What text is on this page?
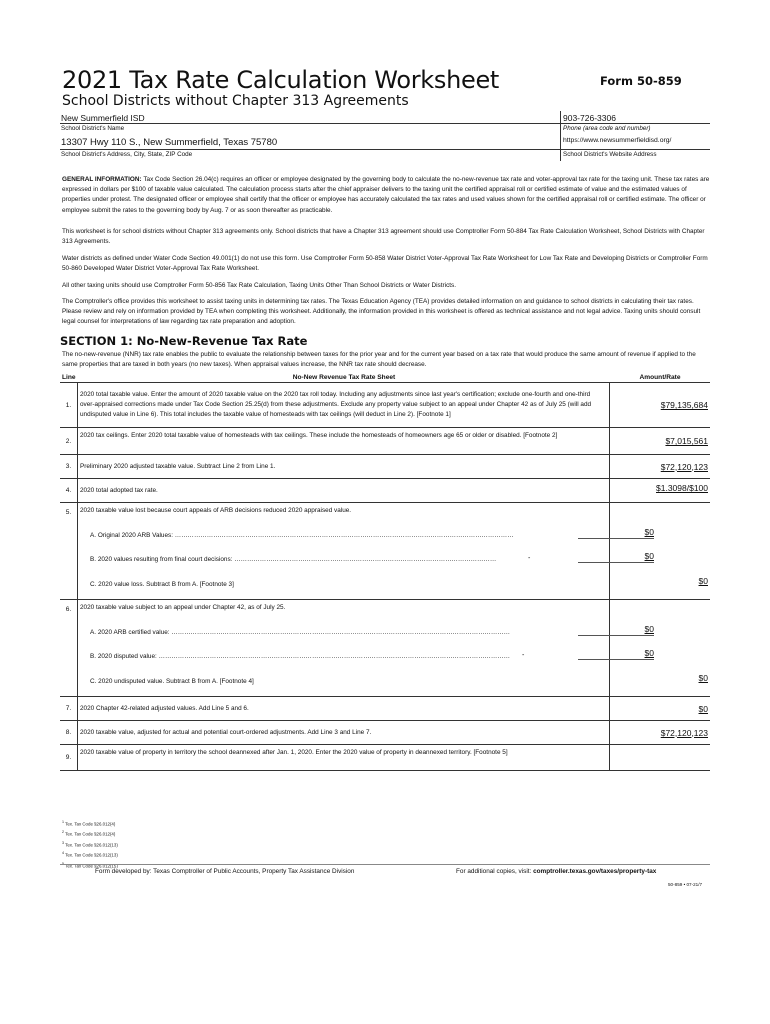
2021 Tax Rate Calculation Worksheet	Form 50-859
School Districts without Chapter 313 Agreements
New Summerfield ISD
School District's Name
903-726-3306
Phone (area code and number)
13307 Hwy 110 S., New Summerfield, Texas 75780
School District's Address, City, State, ZIP Code
https://www.newsummerfieldisd.org/
School District's Website Address
GENERAL INFORMATION: Tax Code Section 26.04(c) requires an officer or employee designated by the governing body to calculate the no-new-revenue tax rate and voter-approval tax rate for the taxing unit. These tax rates are expressed in dollars per $100 of taxable value calculated. The calculation process starts after the chief appraiser delivers to the taxing unit the certified appraisal roll or certified estimate of value and the estimated values of properties under protest. The designated officer or employee shall certify that the officer or employee has accurately calculated the tax rates and used values shown for the certified appraisal roll or certified estimate. The officer or employee submit the rates to the governing body by Aug. 7 or as soon thereafter as practicable.
This worksheet is for school districts without Chapter 313 agreements only. School districts that have a Chapter 313 agreement should use Comptroller Form 50-884 Tax Rate Calculation Worksheet, School Districts with Chapter 313 Agreements.
Water districts as defined under Water Code Section 49.001(1) do not use this form. Use Comptroller Form 50-858 Water District Voter-Approval Tax Rate Worksheet for Low Tax Rate and Developing Districts or Comptroller Form 50-860 Developed Water District Voter-Approval Tax Rate Worksheet.
All other taxing units should use Comptroller Form 50-856 Tax Rate Calculation, Taxing Units Other Than School Districts or Water Districts.
The Comptroller's office provides this worksheet to assist taxing units in determining tax rates. The Texas Education Agency (TEA) provides detailed information on and guidance to school districts in calculating their tax rates. Please review and rely on information provided by TEA when completing this worksheet. Additionally, the information provided in this worksheet is offered as technical assistance and not legal advice. Taxing units should consult legal counsel for interpretations of law regarding tax rate preparation and adoption.
SECTION 1: No-New-Revenue Tax Rate
The no-new-revenue (NNR) tax rate enables the public to evaluate the relationship between taxes for the prior year and for the current year based on a tax rate that would produce the same amount of revenue if applied to the same properties that are taxed in both years (no new taxes). When appraisal values increase, the NNR tax rate should decrease.
Line	No-New Revenue Tax Rate Sheet	Amount/Rate
1.
2020 total taxable value. Enter the amount of 2020 taxable value on the 2020 tax roll today. Including any adjustments since last year's certification; exclude one-fourth and one-third over-appraised corrections made under Tax Code Section 25.25(d) from these adjustments. Exclude any property value subject to an appeal under Chapter 42 as of July 25 (will add undisputed value in Line 6). This total includes the taxable value of homesteads with tax ceilings (will deduct in Line 2). [Footnote 1]
$79,135,684
2.
2020 tax ceilings. Enter 2020 total taxable value of homesteads with tax ceilings. These include the homesteads of homeowners age 65 or older or disabled. [Footnote 2]
$7,015,561
3.	Preliminary 2020 adjusted taxable value. Subtract Line 2 from Line 1.	$72,120,123
4.	2020 total adopted tax rate.	$1.3098/$100
5.	2020 taxable value lost because court appeals of ARB decisions reduced 2020 appraised value.
A. Original 2020 ARB Values: ……………………………………………………………………………………………………………………………………………	$0
B. 2020 values resulting from final court decisions: ……………………………………………………………………………………………………………	-	$0
C. 2020 value loss. Subtract B from A. [Footnote 3]	$0
6.	2020 taxable value subject to an appeal under Chapter 42, as of July 25.
A. 2020 ARB certified value: ……………………………………………………………………………………………………………………………………………	$0
B. 2020 disputed value: ………………………………………………………………………………………………………………………………………………… -	$0
C. 2020 undisputed value. Subtract B from A. [Footnote 4]	$0
7.	2020 Chapter 42-related adjusted values. Add Line 5 and 6.	$0
8.	2020 taxable value, adjusted for actual and potential court-ordered adjustments. Add Line 3 and Line 7.	$72,120,123
9.
2020 taxable value of property in territory the school deannexed after Jan. 1, 2020. Enter the 2020 value of property in deannexed territory. [Footnote 5]
$^1$ Tex. Tax Code §26.012(4)
$^2$ Tex. Tax Code §26.012(4)
$^3$ Tex. Tax Code §26.012(13)
$^4$ Tex. Tax Code §26.012(13)
$^5$ Tex. Tax Code §26.012(15)
Form developed by: Texas Comptroller of Public Accounts, Property Tax Assistance Division	For additional copies, visit: comptroller.texas.gov/taxes/property-tax
50-859 • 07-21/7
